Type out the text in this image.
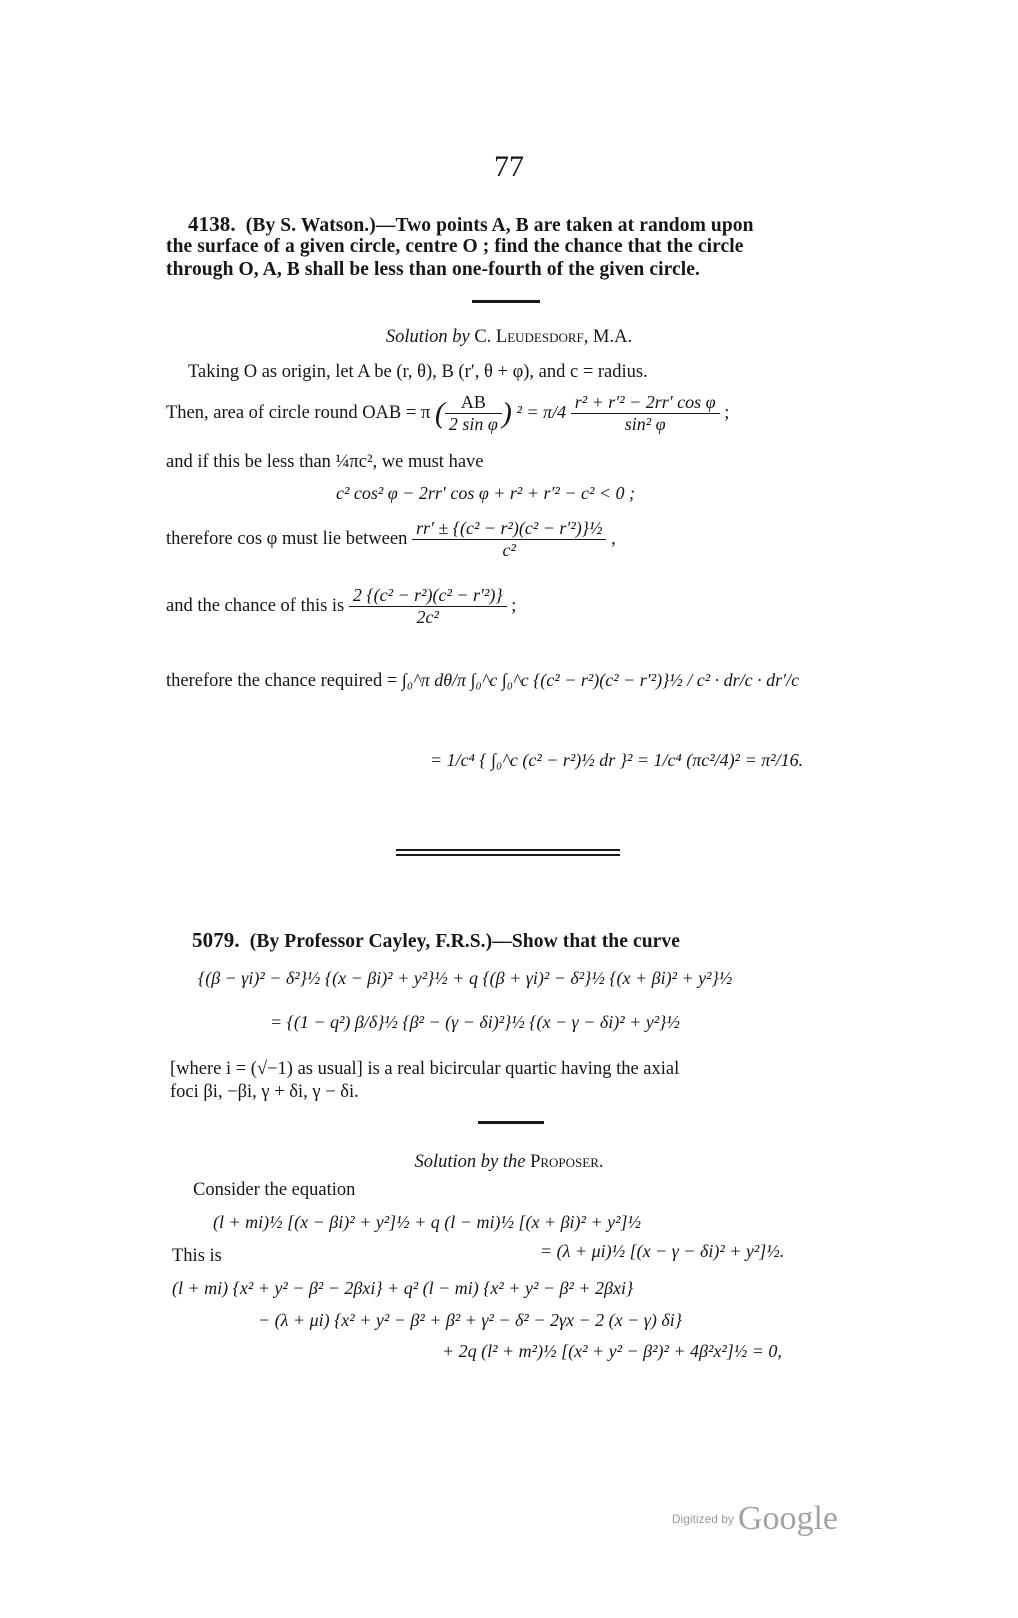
77
4138. (By S. Watson.)—Two points A, B are taken at random upon
the surface of a given circle, centre O ; find the chance that the circle
through O, A, B shall be less than one-fourth of the given circle.
Solution by C. Leudesdorf, M.A.
Taking O as origin, let A be (r, θ), B (r′, θ + φ), and c = radius.
Then, area of circle round OAB = π ( $\frac{AB}{\text{2 sin φ}}$ ) $^2 = \pi/4 \frac{\text{r² + r′² − 2rr′ cos φ}}{\text{sin² φ}}$ ;
and if this be less than ¼πc², we must have
c² cos² φ − 2rr′ cos φ + r² + r′² − c² < 0 ;
therefore cos φ must lie between $\frac{\text{rr′ ± \{(c² − r²)(c² − r′²)\}½}}{\text{c²}}$ ,
and the chance of this is $\frac{\text{2 \{(c² − r²)(c² − r′²)\}}}{\text{2c²}}$ ;
therefore the chance required = ∫₀^π dθ/π ∫₀^c ∫₀^c {(c² − r²)(c² − r′²)}½ / c² · dr/c · dr′/c
= 1/c⁴ { ∫₀^c (c² − r²)½ dr }² = 1/c⁴ (πc²/4)² = π²/16.
5079. (By Professor Cayley, F.R.S.)—Show that the curve
{(β − γi)² − δ²}½ {(x − βi)² + y²}½ + q {(β + γi)² − δ²}½ {(x + βi)² + y²}½
= {(1 − q²) β/δ}½ {β² − (γ − δi)²}½ {(x − γ − δi)² + y²}½
[where i = (√−1) as usual] is a real bicircular quartic having the axial
foci βi, −βi, γ + δi, γ − δi.
Solution by the Proposer.
Consider the equation
(l + mi)½ [(x − βi)² + y²]½ + q (l − mi)½ [(x + βi)² + y²]½
This is	= (λ + μi)½ [(x − γ − δi)² + y²]½.
(l + mi) {x² + y² − β² − 2βxi} + q² (l − mi) {x² + y² − β² + 2βxi}
− (λ + μi) {x² + y² − β² + β² + γ² − δ² − 2γx − 2 (x − γ) δi}
+ 2q (l² + m²)½ [(x² + y² − β²)² + 4β²x²]½ = 0,
$^{Digitized by}$ Google
